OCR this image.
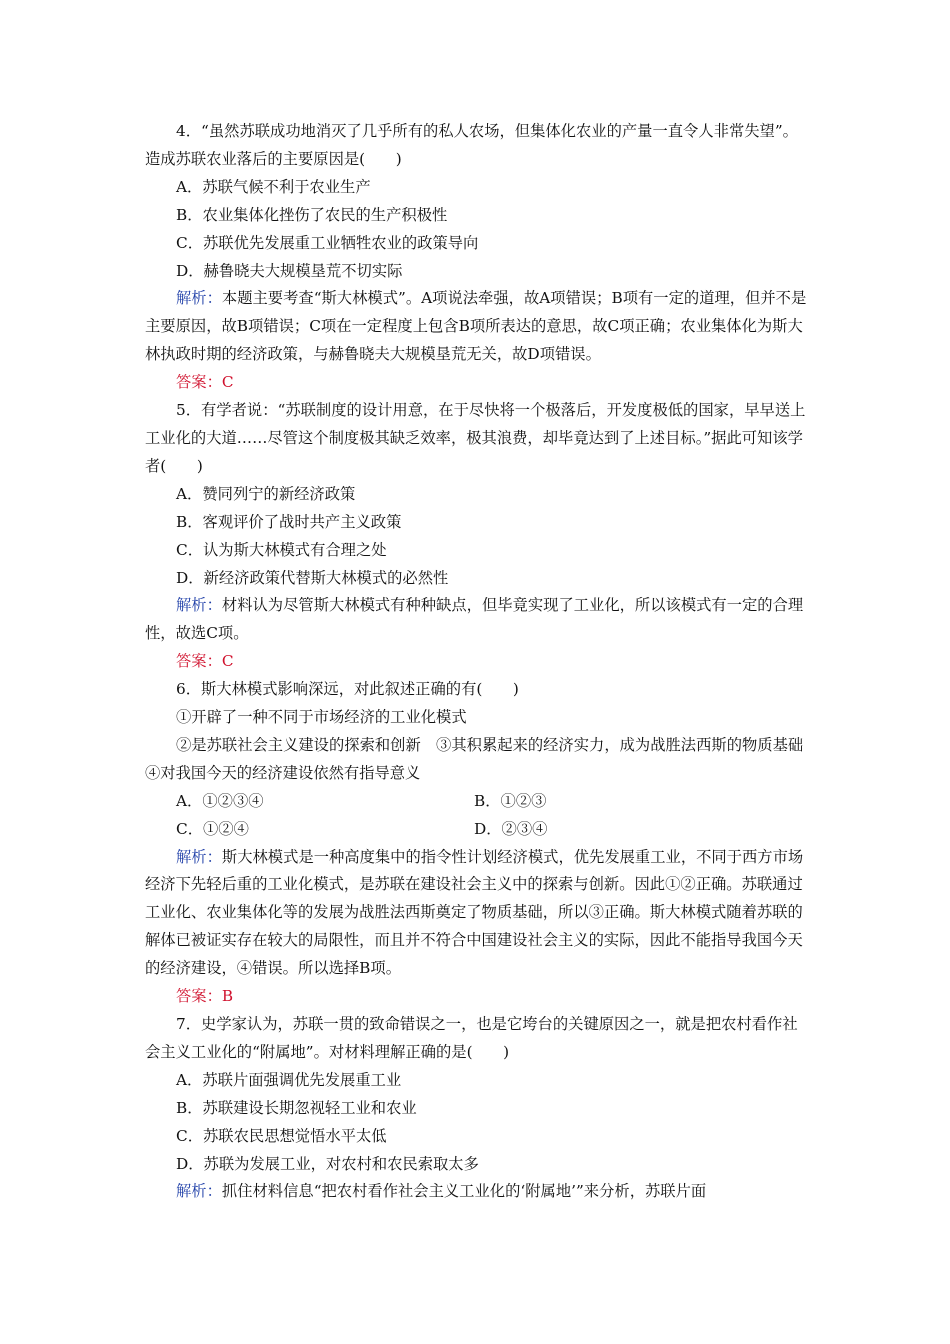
4．“虽然苏联成功地消灭了几乎所有的私人农场，但集体化农业的产量一直令人非常失望”。造成苏联农业落后的主要原因是(　　)

A．苏联气候不利于农业生产

B．农业集体化挫伤了农民的生产积极性

C．苏联优先发展重工业牺牲农业的政策导向

D．赫鲁晓夫大规模垦荒不切实际

解析：本题主要考查“斯大林模式”。A项说法牵强，故A项错误；B项有一定的道理，但并不是主要原因，故B项错误；C项在一定程度上包含B项所表达的意思，故C项正确；农业集体化为斯大林执政时期的经济政策，与赫鲁晓夫大规模垦荒无关，故D项错误。

答案：C

5．有学者说：“苏联制度的设计用意，在于尽快将一个极落后，开发度极低的国家，早早送上工业化的大道……尽管这个制度极其缺乏效率，极其浪费，却毕竟达到了上述目标。”据此可知该学者(　　)

A．赞同列宁的新经济政策

B．客观评价了战时共产主义政策

C．认为斯大林模式有合理之处

D．新经济政策代替斯大林模式的必然性

解析：材料认为尽管斯大林模式有种种缺点，但毕竟实现了工业化，所以该模式有一定的合理性，故选C项。

答案：C

6．斯大林模式影响深远，对此叙述正确的有(　　)

①开辟了一种不同于市场经济的工业化模式

②是苏联社会主义建设的探索和创新　③其积累起来的经济实力，成为战胜法西斯的物质基础　④对我国今天的经济建设依然有指导意义

A．①②③④	B．①②③
C．①②④	D．②③④

解析：斯大林模式是一种高度集中的指令性计划经济模式，优先发展重工业，不同于西方市场经济下先轻后重的工业化模式，是苏联在建设社会主义中的探索与创新。因此①②正确。苏联通过工业化、农业集体化等的发展为战胜法西斯奠定了物质基础，所以③正确。斯大林模式随着苏联的解体已被证实存在较大的局限性，而且并不符合中国建设社会主义的实际，因此不能指导我国今天的经济建设，④错误。所以选择B项。

答案：B

7．史学家认为，苏联一贯的致命错误之一，也是它垮台的关键原因之一，就是把农村看作社会主义工业化的“附属地”。对材料理解正确的是(　　)

A．苏联片面强调优先发展重工业

B．苏联建设长期忽视轻工业和农业

C．苏联农民思想觉悟水平太低

D．苏联为发展工业，对农村和农民索取太多

解析：抓住材料信息“把农村看作社会主义工业化的‘附属地’”来分析，苏联片面
